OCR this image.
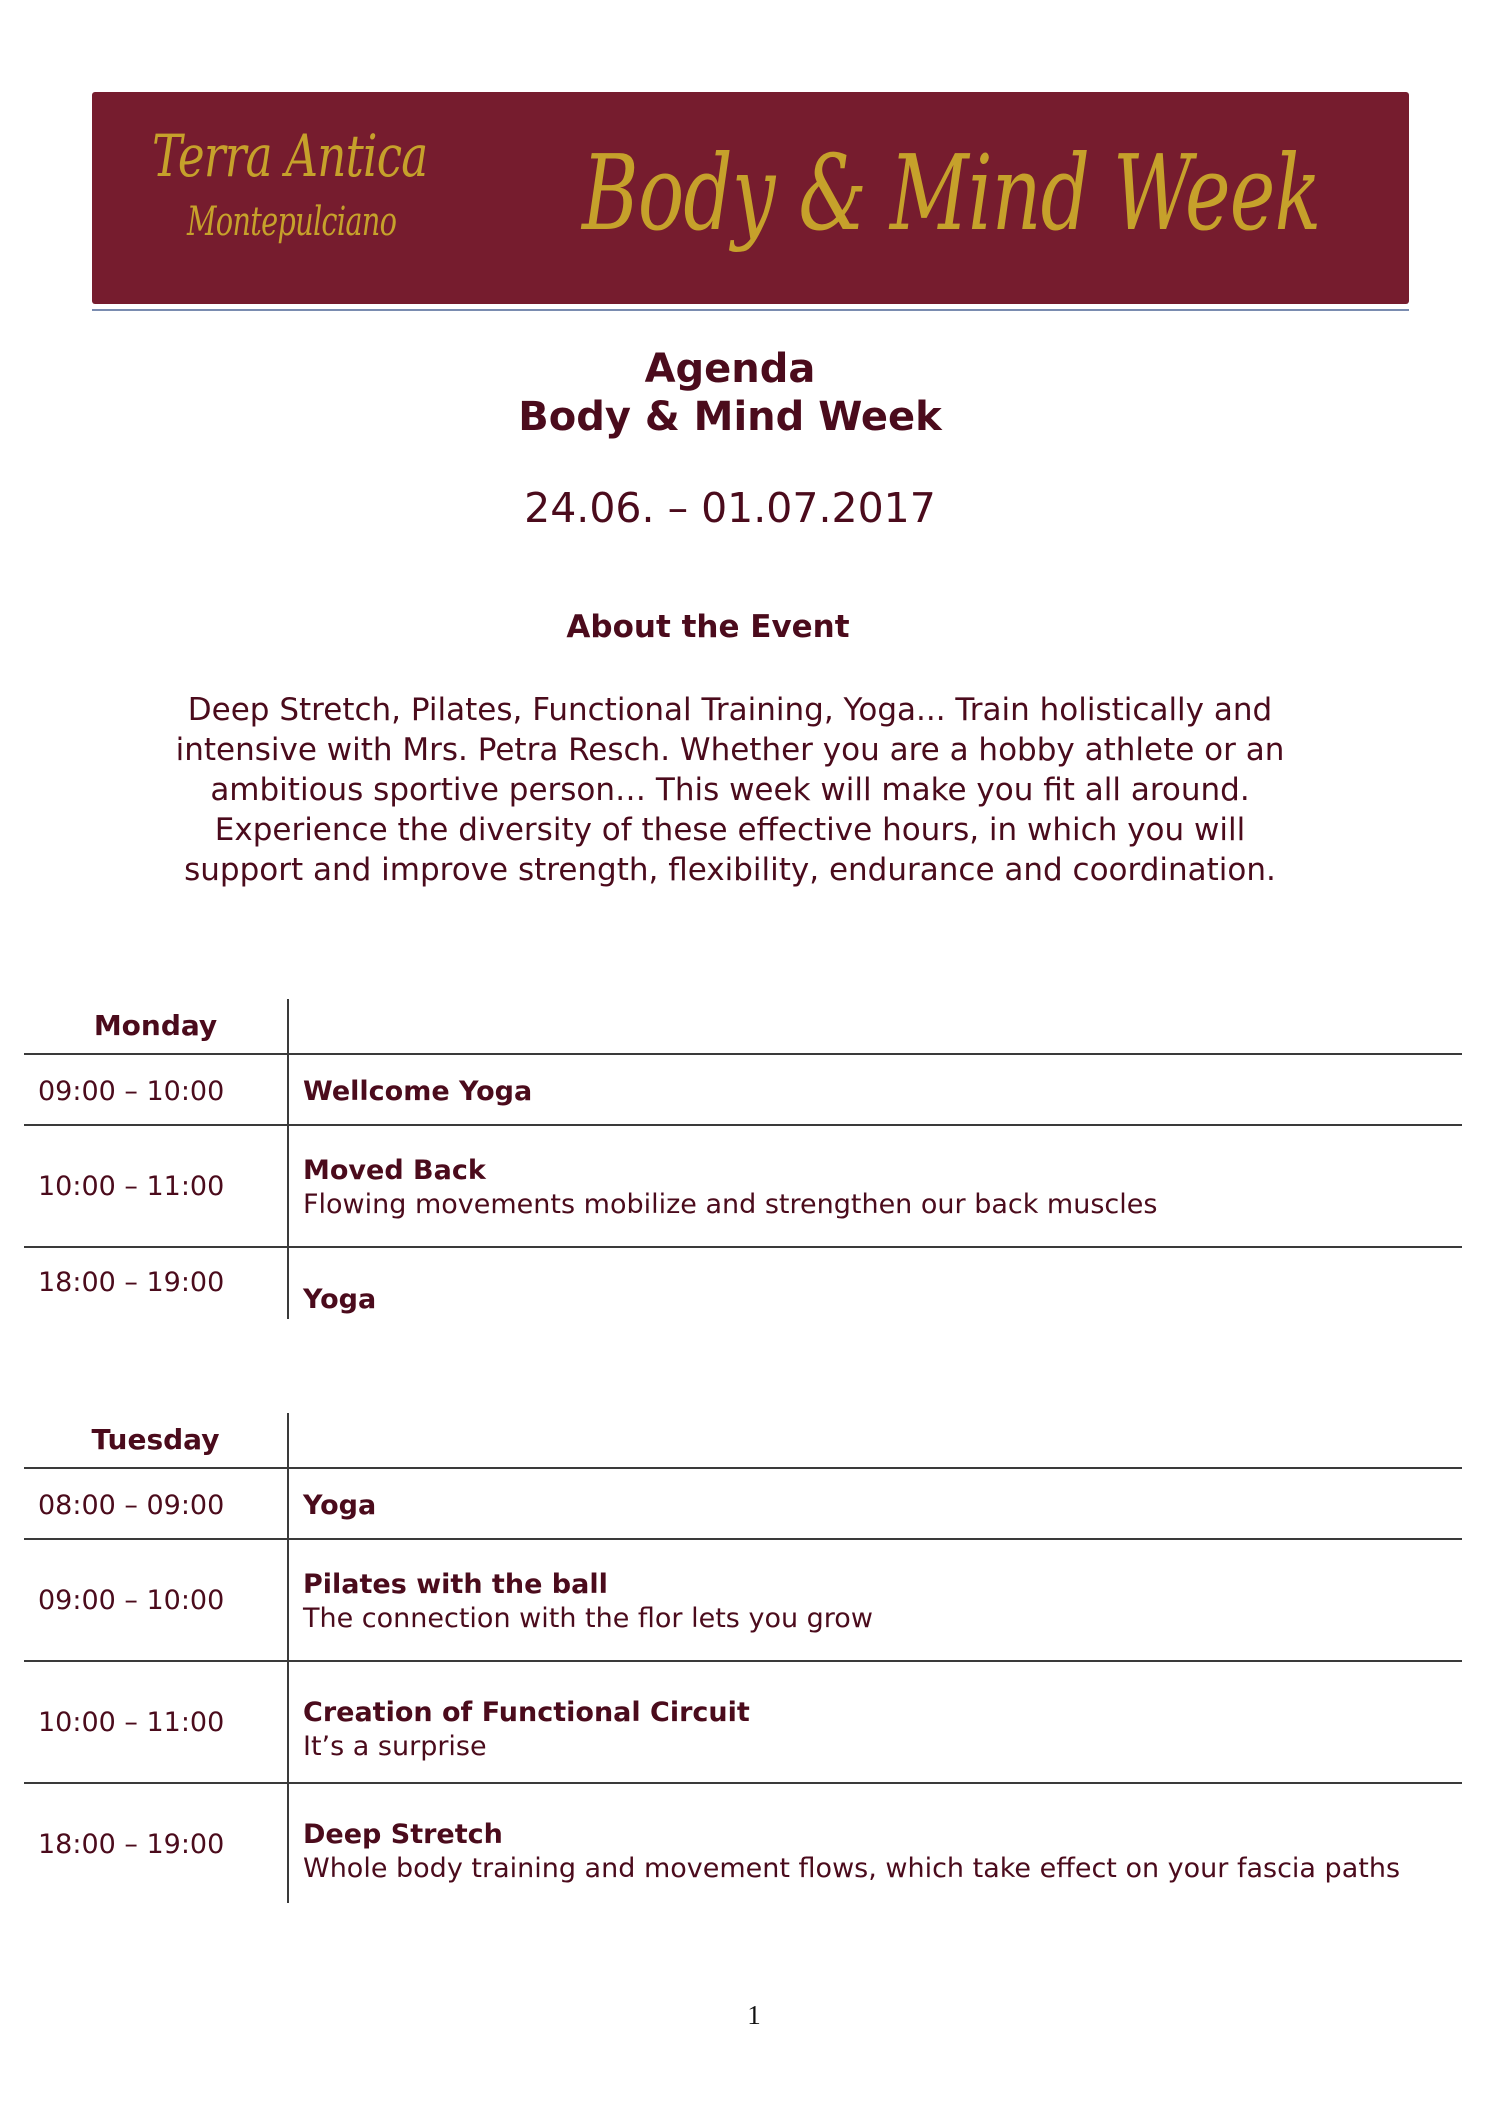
Terra Antica
Montepulciano Body & Mind Week
Agenda
Body & Mind Week
24.06. – 01.07.2017
About the Event
Deep Stretch, Pilates, Functional Training, Yoga... Train holistically and
intensive with Mrs. Petra Resch. Whether you are a hobby athlete or an
ambitious sportive person… This week will make you fit all around.
Experience the diversity of these effective hours, in which you will
support and improve strength, flexibility, endurance and coordination.
Monday
09:00 – 10:00	Wellcome Yoga
10:00 – 11:00
Moved Back
Flowing movements mobilize and strengthen our back muscles
18:00 – 19:00
Yoga
Tuesday
08:00 – 09:00	Yoga
09:00 – 10:00
Pilates with the ball
The connection with the flor lets you grow
10:00 – 11:00	Creation of Functional Circuit
It’s a surprise
18:00 – 19:00	Deep Stretch
Whole body training and movement flows, which take effect on your fascia paths
1
